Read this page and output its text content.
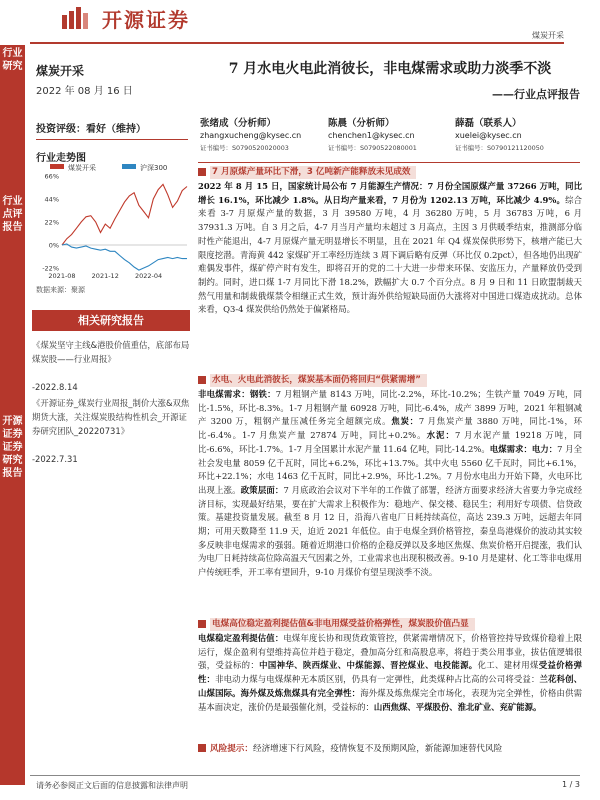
开源证券
煤炭开采
行业研究
行业点评报告
开源证券 证券研究报告
煤炭开采
2022 年 08 月 16 日
投资评级：看好（维持）
行业走势图
煤炭开采	沪深300
-22%
0%
22%
44%
66%
2021-08 2021-12 2022-04
数据来源：聚源
相关研究报告
《煤炭坚守主线&港股价值重估，底部布局煤炭股——行业周报》
-2022.8.14
《开源证券_煤炭行业周报_制价大涨&双焦期货大涨，关注煤炭股结构性机会_开源证券研究团队_20220731》
-2022.7.31
7 月水电火电此消彼长，非电煤需求或助力淡季不淡
——行业点评报告
张绪成（分析师）
zhangxucheng@kysec.cn
证书编号：S0790520020003
陈晨（分析师）
chenchen1@kysec.cn
证书编号：S0790522080001
薛磊（联系人）
xuelei@kysec.cn
证书编号：S0790121120050
7 月原煤产量环比下滑，3 亿吨新产能释放未见成效
2022 年 8 月 15 日，国家统计局公布 7 月能源生产情况：7 月份全国原煤产量 37266 万吨，同比增长 16.1%，环比减少 1.8%。从日均产量来看，7 月份为 1202.13 万吨，环比减少 4.9%。综合来看 3-7 月原煤产量的数据，3 月 39580 万吨，4 月 36280 万吨，5 月 36783 万吨，6 月 37931.3 万吨。自 3 月之后，4-7 月当月产量均未超过 3 月高点，主因 3 月供暖季结束，推测部分临时性产能退出，4-7 月原煤产量无明显增长不明显，且在 2021 年 Q4 煤炭保供形势下，核增产能已大限度挖潜。青海黄 442 家煤矿开工率经历连续 3 周下调后略有反弹（环比仅 0.2pct），但各地仍出现矿难偶发事件，煤矿停产时有发生，即将召开的党的二十大进一步带来环保、安监压力，产量释放仍受到制约。同时，进口煤 1-7 月同比下滑 18.2%，跌幅扩大 0.7 个百分点。8 月 9 日和 11 日欧盟制裁天然气用量和制裁俄煤禁令相继正式生效，预计海外供给短缺局面仍大涨将对中国进口煤造成扰动。总体来看，Q3-4 煤炭供给仍然处于偏紧格局。
水电、火电此消彼长，煤炭基本面仍将回归“供紧需增”
非电煤需求：钢铁：7 月粗钢产量 8143 万吨，同比-2.2%，环比-10.2%；生铁产量 7049 万吨，同比-1.5%，环比-8.3%。1-7 月粗钢产量 60928 万吨，同比-6.4%，成产 3899 万吨，2021 年粗钢减产 3200 万，粗钢产量压减任务完全超额完成。焦炭：7 月焦炭产量 3880 万吨，同比-1%，环比-6.4%。1-7 月焦炭产量 27874 万吨，同比+0.2%。水泥：7 月水泥产量 19218 万吨，同比-6.6%，环比-1.7%。1-7 月全国累计水泥产量 11.64 亿吨，同比-14.2%。电煤需求：电力：7 月全社会发电量 8059 亿千瓦时，同比+6.2%，环比+13.7%。其中火电 5560 亿千瓦时，同比+6.1%，环比+22.1%；水电 1463 亿千瓦时，同比+2.9%，环比-1.2%。7 月份水电出力开始下降，火电环比出现上涨。政策层面：7 月底政治会议对下半年的工作做了部署，经济方面要求经济大省要力争完成经济目标，实现最好结果，要在扩大需求上积极作为：稳地产、保交楼、稳民生；利用好专项债、信贷政策。基建投资量发展。截至 8 月 12 日，沿海八省电厂日耗持续高位，高达 239.3 万吨，远超去年同期；可用天数降至 11.9 天，迫近 2021 年低位。由于电煤全到价格管控，秦皇岛港煤价的波动其实较多反映非电煤需求的强弱。随着近期港口价格的企稳反弹以及多地区焦煤、焦炭价格开启提涨，我们认为电厂日耗持续高位除高温天气因素之外，工业需求也出现积极改善。9-10 月是建材、化工等非电煤用户传统旺季，开工率有望回升，9-10 月煤价有望呈现淡季不淡。
电煤高位稳定盈利提估值&非电用煤受益价格弹性，煤炭股价值凸显
电煤稳定盈利提估值：电煤年度长协和现货政策管控，供紧需增情况下，价格管控持导致煤价稳着上限运行，煤企盈利有望维持高位并趋于稳定，叠加高分红和高股息率，将趋于类公用事业，拔估值逻辑很强，受益标的：中国神华、陕西煤业、中煤能源、晋控煤业、电投能源。化工、建材用煤受益价格弹性：非电动力煤与电煤煤种无本质区别，仍具有一定弹性，此类煤种占比高的公司将受益：兰花科创、山煤国际。海外煤及炼焦煤具有完全弹性：海外煤及炼焦煤完全市场化，表现为完全弹性，价格由供需基本面决定，涨价仍是最强催化剂，受益标的：山西焦煤、平煤股份、淮北矿业、兖矿能源。
风险提示： 经济增速下行风险，疫情恢复不及预期风险，新能源加速替代风险
请务必参阅正文后面的信息披露和法律声明	1 / 3
